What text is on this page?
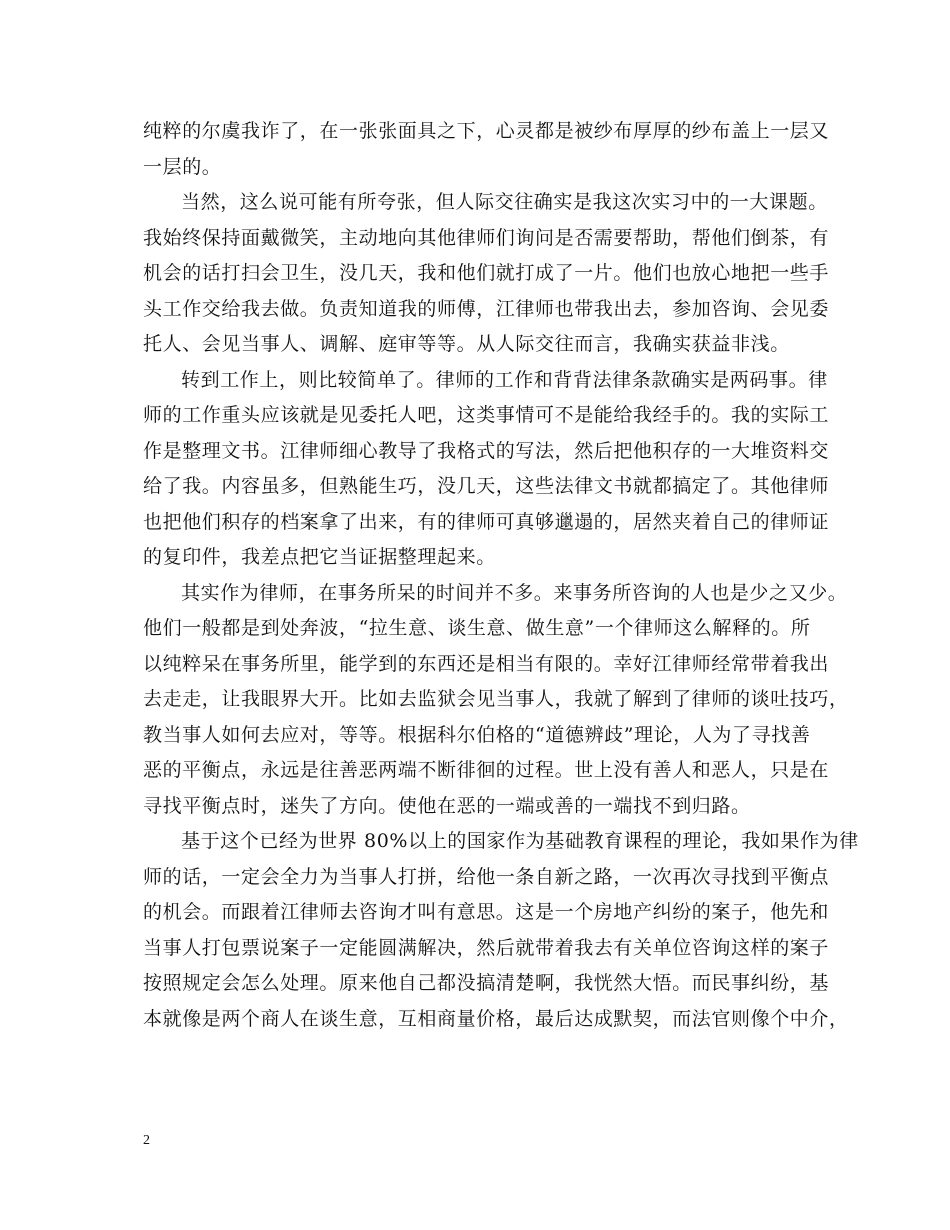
纯粹的尔虞我诈了，在一张张面具之下，心灵都是被纱布厚厚的纱布盖上一层又
一层的。
当然，这么说可能有所夸张，但人际交往确实是我这次实习中的一大课题。
我始终保持面戴微笑，主动地向其他律师们询问是否需要帮助，帮他们倒茶，有
机会的话打扫会卫生，没几天，我和他们就打成了一片。他们也放心地把一些手
头工作交给我去做。负责知道我的师傅，江律师也带我出去，参加咨询、会见委
托人、会见当事人、调解、庭审等等。从人际交往而言，我确实获益非浅。
转到工作上，则比较简单了。律师的工作和背背法律条款确实是两码事。律
师的工作重头应该就是见委托人吧，这类事情可不是能给我经手的。我的实际工
作是整理文书。江律师细心教导了我格式的写法，然后把他积存的一大堆资料交
给了我。内容虽多，但熟能生巧，没几天，这些法律文书就都搞定了。其他律师
也把他们积存的档案拿了出来，有的律师可真够邋遢的，居然夹着自己的律师证
的复印件，我差点把它当证据整理起来。
其实作为律师，在事务所呆的时间并不多。来事务所咨询的人也是少之又少。
他们一般都是到处奔波，“拉生意、谈生意、做生意”一个律师这么解释的。所
以纯粹呆在事务所里，能学到的东西还是相当有限的。幸好江律师经常带着我出
去走走，让我眼界大开。比如去监狱会见当事人，我就了解到了律师的谈吐技巧，
教当事人如何去应对，等等。根据科尔伯格的“道德辨歧”理论，人为了寻找善
恶的平衡点，永远是往善恶两端不断徘徊的过程。世上没有善人和恶人，只是在
寻找平衡点时，迷失了方向。使他在恶的一端或善的一端找不到归路。
基于这个已经为世界 80%以上的国家作为基础教育课程的理论，我如果作为律
师的话，一定会全力为当事人打拼，给他一条自新之路，一次再次寻找到平衡点
的机会。而跟着江律师去咨询才叫有意思。这是一个房地产纠纷的案子，他先和
当事人打包票说案子一定能圆满解决，然后就带着我去有关单位咨询这样的案子
按照规定会怎么处理。原来他自己都没搞清楚啊，我恍然大悟。而民事纠纷，基
本就像是两个商人在谈生意，互相商量价格，最后达成默契，而法官则像个中介，
2
